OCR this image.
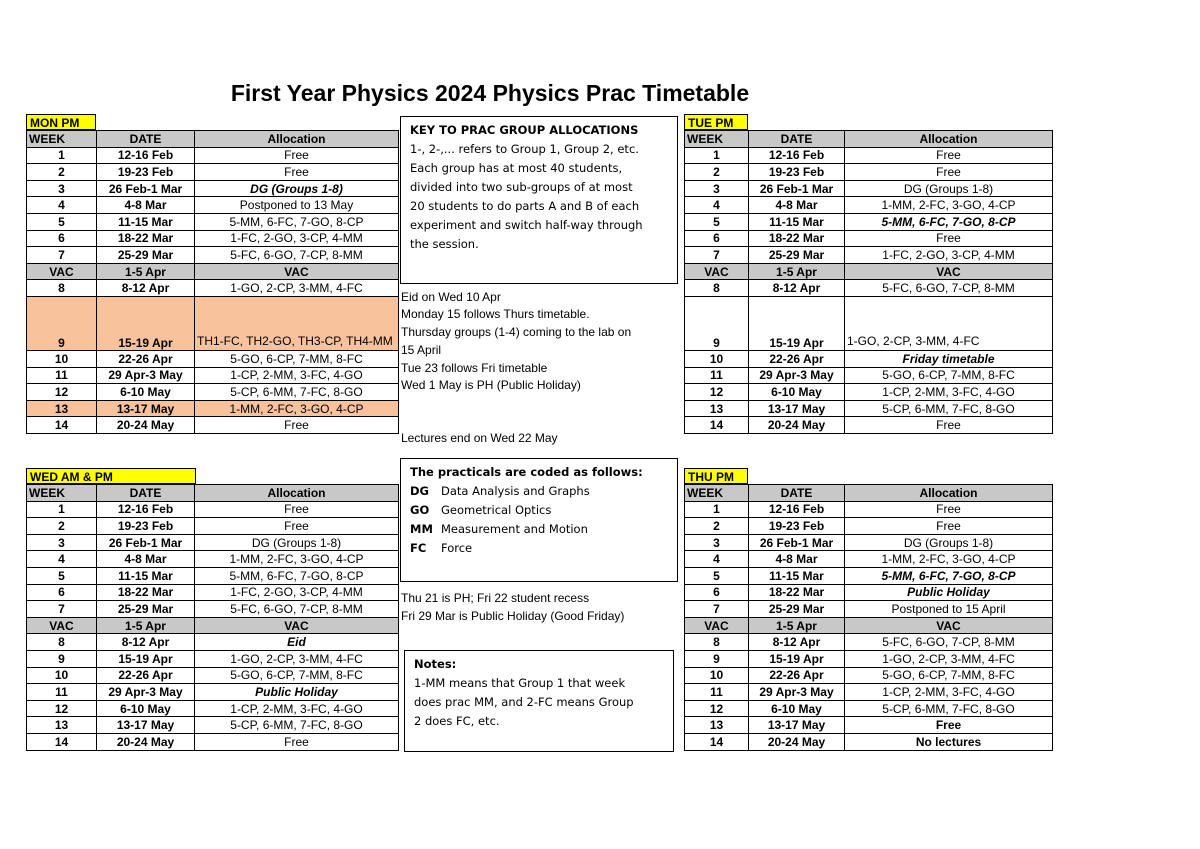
First Year Physics 2024 Physics Prac Timetable
MON PM
WEEK	DATE	Allocation
1	12-16 Feb	Free
2	19-23 Feb	Free
3	26 Feb-1 Mar	DG (Groups 1-8)
4	4-8 Mar	Postponed to 13 May
5	11-15 Mar	5-MM, 6-FC, 7-GO, 8-CP
6	18-22 Mar	1-FC, 2-GO, 3-CP, 4-MM
7	25-29 Mar	5-FC, 6-GO, 7-CP, 8-MM
VAC	1-5 Apr	VAC
8	8-12 Apr	1-GO, 2-CP, 3-MM, 4-FC
9	15-19 Apr	TH1-FC, TH2-GO, TH3-CP, TH4-MM
10	22-26 Apr	5-GO, 6-CP, 7-MM, 8-FC
11	29 Apr-3 May	1-CP, 2-MM, 3-FC, 4-GO
12	6-10 May	5-CP, 6-MM, 7-FC, 8-GO
13	13-17 May	1-MM, 2-FC, 3-GO, 4-CP
14	20-24 May	Free
TUE PM
WEEK	DATE	Allocation
1	12-16 Feb	Free
2	19-23 Feb	Free
3	26 Feb-1 Mar	DG (Groups 1-8)
4	4-8 Mar	1-MM, 2-FC, 3-GO, 4-CP
5	11-15 Mar	5-MM, 6-FC, 7-GO, 8-CP
6	18-22 Mar	Free
7	25-29 Mar	1-FC, 2-GO, 3-CP, 4-MM
VAC	1-5 Apr	VAC
8	8-12 Apr	5-FC, 6-GO, 7-CP, 8-MM
9	15-19 Apr	1-GO, 2-CP, 3-MM, 4-FC
10	22-26 Apr	Friday timetable
11	29 Apr-3 May	5-GO, 6-CP, 7-MM, 8-FC
12	6-10 May	1-CP, 2-MM, 3-FC, 4-GO
13	13-17 May	5-CP, 6-MM, 7-FC, 8-GO
14	20-24 May	Free
WED AM & PM
WEEK	DATE	Allocation
1	12-16 Feb	Free
2	19-23 Feb	Free
3	26 Feb-1 Mar	DG (Groups 1-8)
4	4-8 Mar	1-MM, 2-FC, 3-GO, 4-CP
5	11-15 Mar	5-MM, 6-FC, 7-GO, 8-CP
6	18-22 Mar	1-FC, 2-GO, 3-CP, 4-MM
7	25-29 Mar	5-FC, 6-GO, 7-CP, 8-MM
VAC	1-5 Apr	VAC
8	8-12 Apr	Eid
9	15-19 Apr	1-GO, 2-CP, 3-MM, 4-FC
10	22-26 Apr	5-GO, 6-CP, 7-MM, 8-FC
11	29 Apr-3 May	Public Holiday
12	6-10 May	1-CP, 2-MM, 3-FC, 4-GO
13	13-17 May	5-CP, 6-MM, 7-FC, 8-GO
14	20-24 May	Free
THU PM
WEEK	DATE	Allocation
1	12-16 Feb	Free
2	19-23 Feb	Free
3	26 Feb-1 Mar	DG (Groups 1-8)
4	4-8 Mar	1-MM, 2-FC, 3-GO, 4-CP
5	11-15 Mar	5-MM, 6-FC, 7-GO, 8-CP
6	18-22 Mar	Public Holiday
7	25-29 Mar	Postponed to 15 April
VAC	1-5 Apr	VAC
8	8-12 Apr	5-FC, 6-GO, 7-CP, 8-MM
9	15-19 Apr	1-GO, 2-CP, 3-MM, 4-FC
10	22-26 Apr	5-GO, 6-CP, 7-MM, 8-FC
11	29 Apr-3 May	1-CP, 2-MM, 3-FC, 4-GO
12	6-10 May	5-CP, 6-MM, 7-FC, 8-GO
13	13-17 May	Free
14	20-24 May	No lectures
KEY TO PRAC GROUP ALLOCATIONS
1-, 2-,... refers to Group 1, Group 2, etc.
Each group has at most 40 students,
divided into two sub-groups of at most
20 students to do parts A and B of each
experiment and switch half-way through
the session.
The practicals are coded as follows:
DG Data Analysis and Graphs
GO Geometrical Optics
MM Measurement and Motion
FC Force
Notes:
1-MM means that Group 1 that week
does prac MM, and 2-FC means Group
2 does FC, etc.
Eid on Wed 10 Apr
Monday 15 follows Thurs timetable.
Thursday groups (1-4) coming to the lab on
15 April
Tue 23 follows Fri timetable
Wed 1 May is PH (Public Holiday)
Lectures end on Wed 22 May
Thu 21 is PH; Fri 22 student recess
Fri 29 Mar is Public Holiday (Good Friday)
